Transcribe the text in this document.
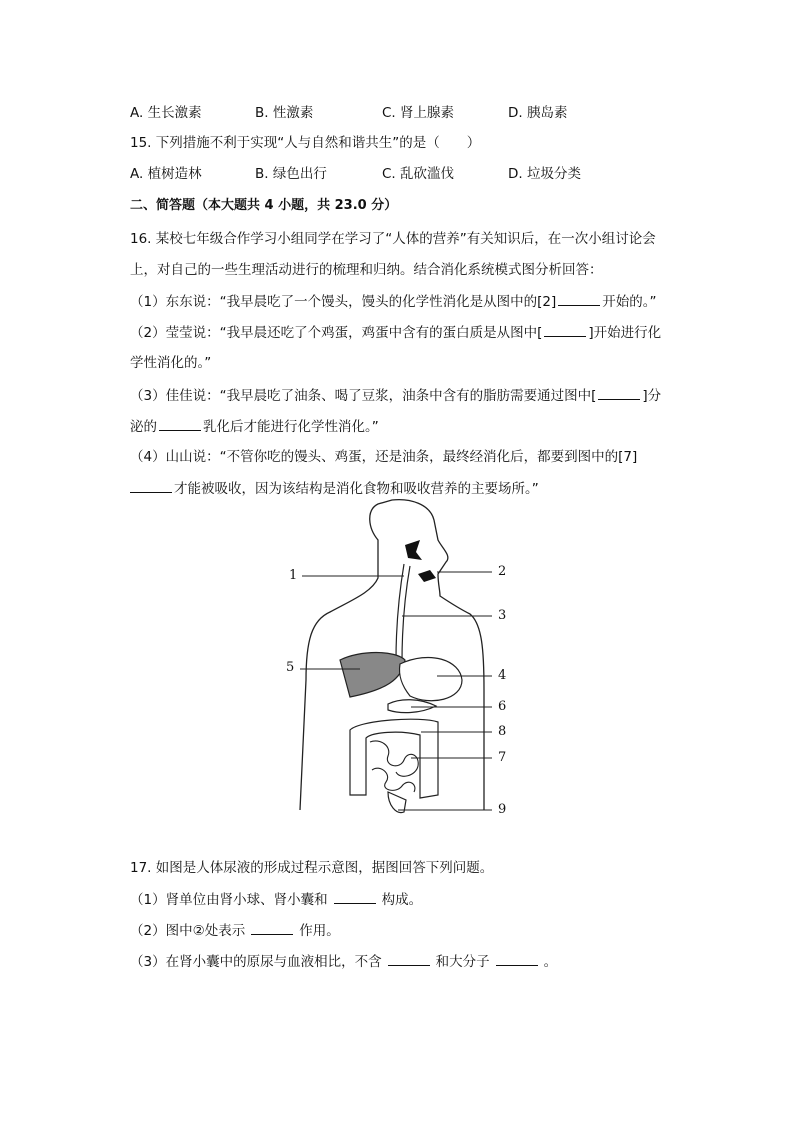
A. 生长激素	B. 性激素	C. 肾上腺素	D. 胰岛素
15. 下列措施不利于实现“人与自然和谐共生”的是（　　）
A. 植树造林	B. 绿色出行	C. 乱砍滥伐	D. 垃圾分类
二、简答题（本大题共 4 小题，共 23.0 分）
16. 某校七年级合作学习小组同学在学习了“人体的营养”有关知识后，在一次小组讨论会
上，对自己的一些生理活动进行的梳理和归纳。结合消化系统模式图分析回答：
（1）东东说：“我早晨吃了一个馒头，馒头的化学性消化是从图中的[2]	开始的。”
（2）莹莹说：“我早晨还吃了个鸡蛋，鸡蛋中含有的蛋白质是从图中[	]开始进行化
学性消化的。”
（3）佳佳说：“我早晨吃了油条、喝了豆浆，油条中含有的脂肪需要通过图中[	]分
泌的	乳化后才能进行化学性消化。”
（4）山山说：“不管你吃的馒头、鸡蛋，还是油条，最终经消化后，都要到图中的[7]
才能被吸收，因为该结构是消化食物和吸收营养的主要场所。”
1	2
3
5
4
6
8
7
9
17. 如图是人体尿液的形成过程示意图，据图回答下列问题。
（1）肾单位由肾小球、肾小囊和	构成。
（2）图中②处表示	作用。
（3）在肾小囊中的原尿与血液相比，不含	和大分子	。
